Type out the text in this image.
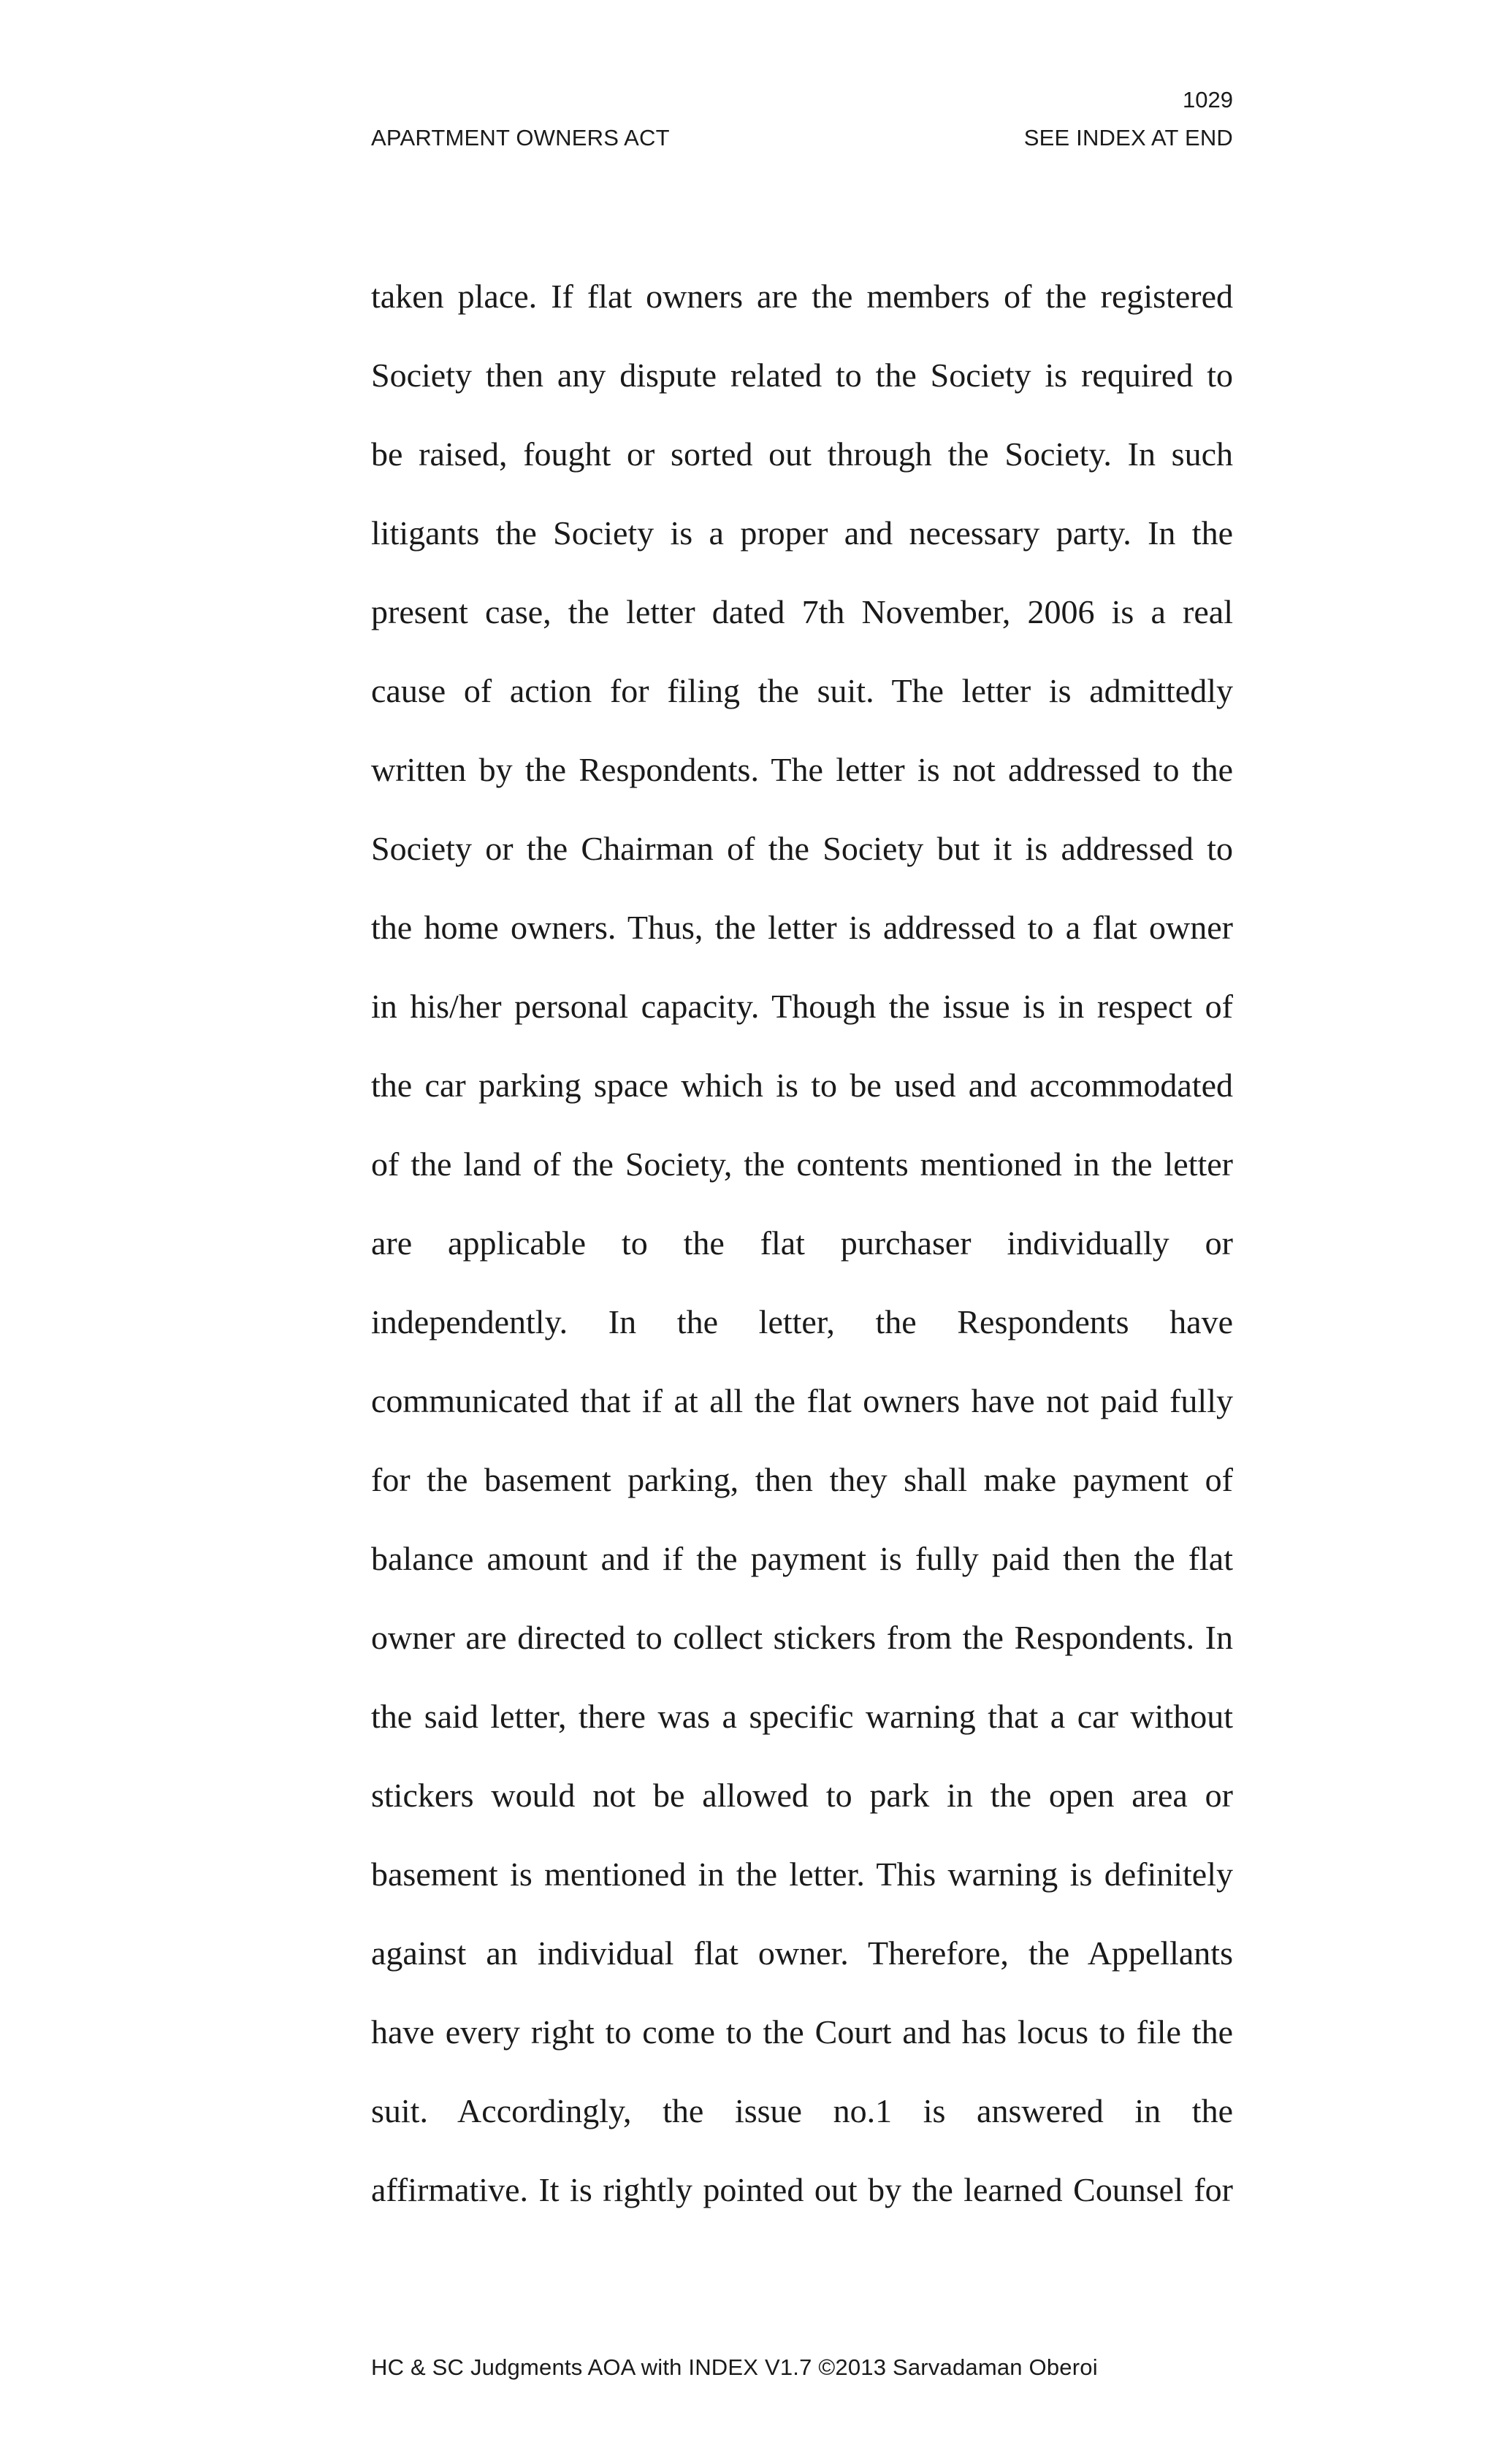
1029
APARTMENT OWNERS ACT	SEE INDEX AT END
taken place. If flat owners are the members of the registered
Society then any dispute related to the Society is required to
be raised, fought or sorted out through the Society. In such
litigants the Society is a proper and necessary party. In the
present case, the letter dated 7th November, 2006 is a real
cause of action for filing the suit. The letter is admittedly
written by the Respondents. The letter is not addressed to the
Society or the Chairman of the Society but it is addressed to
the home owners. Thus, the letter is addressed to a flat owner
in his/her personal capacity. Though the issue is in respect of
the car parking space which is to be used and accommodated
of the land of the Society, the contents mentioned in the letter
are applicable to the flat purchaser individually or
independently. In the letter, the Respondents have
communicated that if at all the flat owners have not paid fully
for the basement parking, then they shall make payment of
balance amount and if the payment is fully paid then the flat
owner are directed to collect stickers from the Respondents. In
the said letter, there was a specific warning that a car without
stickers would not be allowed to park in the open area or
basement is mentioned in the letter. This warning is definitely
against an individual flat owner. Therefore, the Appellants
have every right to come to the Court and has locus to file the
suit. Accordingly, the issue no.1 is answered in the
affirmative. It is rightly pointed out by the learned Counsel for
HC & SC Judgments AOA with INDEX V1.7 ©2013 Sarvadaman Oberoi
